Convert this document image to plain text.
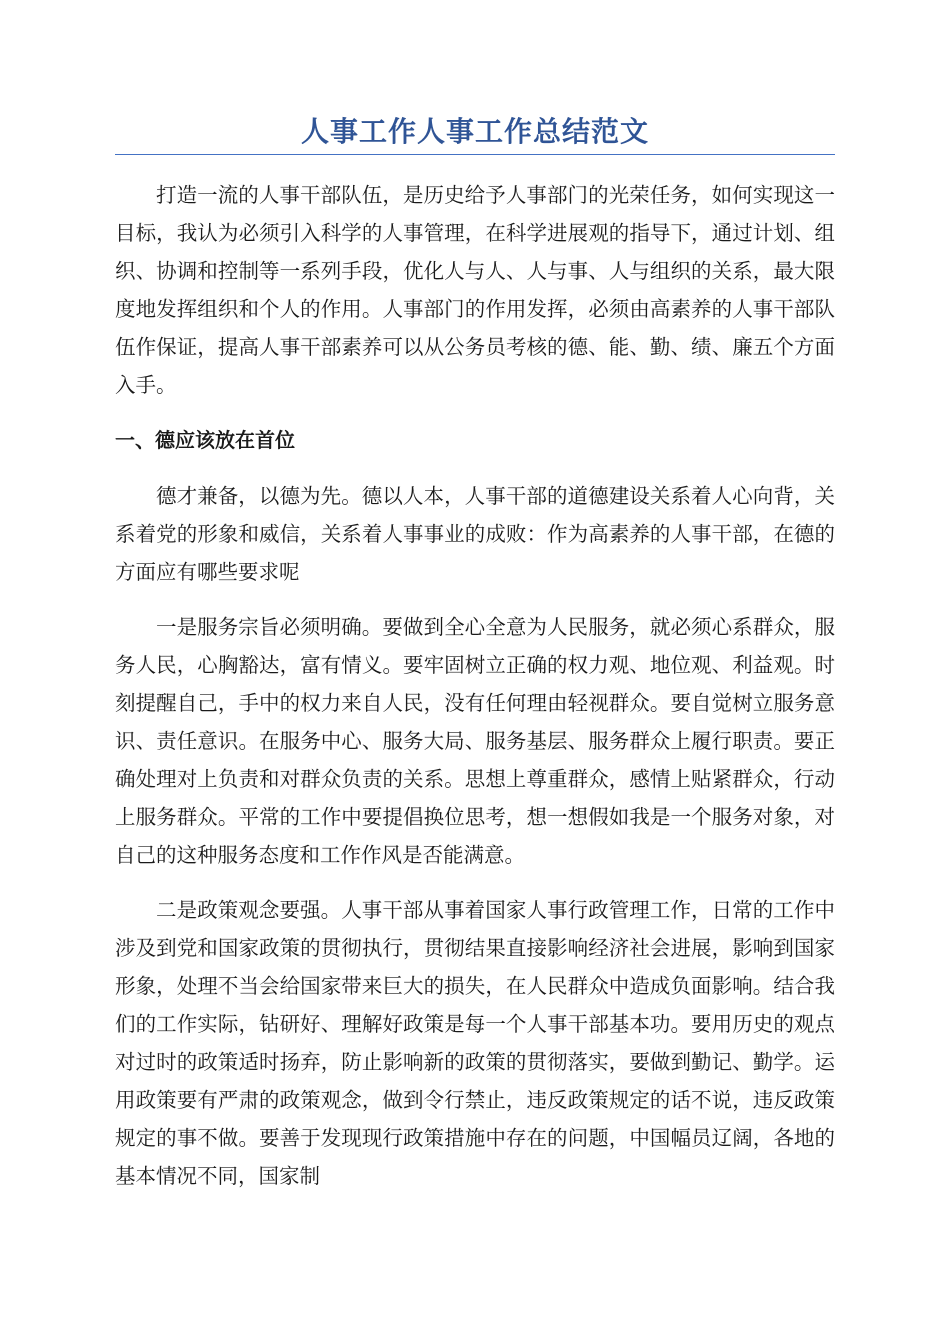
人事工作人事工作总结范文

打造一流的人事干部队伍，是历史给予人事部门的光荣任务，如何实现这一目标，我认为必须引入科学的人事管理，在科学进展观的指导下，通过计划、组织、协调和控制等一系列手段，优化人与人、人与事、人与组织的关系，最大限度地发挥组织和个人的作用。人事部门的作用发挥，必须由高素养的人事干部队伍作保证，提高人事干部素养可以从公务员考核的德、能、勤、绩、廉五个方面入手。

一、德应该放在首位

德才兼备，以德为先。德以人本，人事干部的道德建设关系着人心向背，关系着党的形象和威信，关系着人事事业的成败：作为高素养的人事干部，在德的方面应有哪些要求呢

一是服务宗旨必须明确。要做到全心全意为人民服务，就必须心系群众，服务人民，心胸豁达，富有情义。要牢固树立正确的权力观、地位观、利益观。时刻提醒自己，手中的权力来自人民，没有任何理由轻视群众。要自觉树立服务意识、责任意识。在服务中心、服务大局、服务基层、服务群众上履行职责。要正确处理对上负责和对群众负责的关系。思想上尊重群众，感情上贴紧群众，行动上服务群众。平常的工作中要提倡换位思考，想一想假如我是一个服务对象，对自己的这种服务态度和工作作风是否能满意。

二是政策观念要强。人事干部从事着国家人事行政管理工作，日常的工作中涉及到党和国家政策的贯彻执行，贯彻结果直接影响经济社会进展，影响到国家形象，处理不当会给国家带来巨大的损失，在人民群众中造成负面影响。结合我们的工作实际，钻研好、理解好政策是每一个人事干部基本功。要用历史的观点对过时的政策适时扬弃，防止影响新的政策的贯彻落实，要做到勤记、勤学。运用政策要有严肃的政策观念，做到令行禁止，违反政策规定的话不说，违反政策规定的事不做。要善于发现现行政策措施中存在的问题，中国幅员辽阔，各地的基本情况不同，国家制
